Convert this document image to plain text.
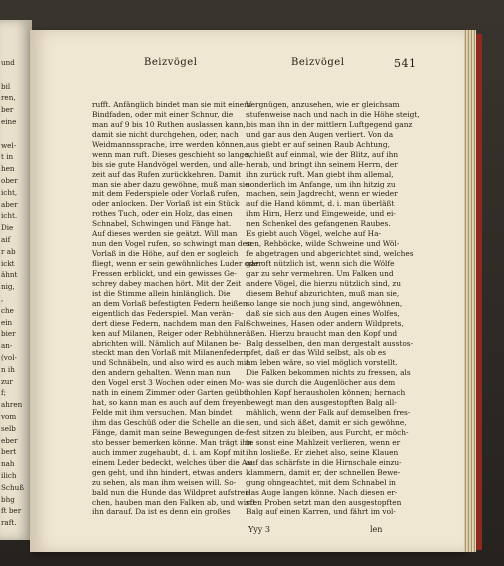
und
bil
ren,
ber
eine
wel-
t in
hen
ober
icht,
aber
icht.
Die
aif
r ab
ickt
ähnt
nig,
,
che
ein
bier
an-
(vol-
n ih
zur
f;
ahren
vom
selb
eber
bert
nah
ilich
Schuß
bhg
ft ber
raft.
Beizvögel	Beizvögel	541
rufft. Anfänglich bindet man sie mit einem
Bindfaden, oder mit einer Schnur, die
man auf 9 bis 10 Ruthen auslassen kann,
damit sie nicht durchgehen, oder, nach
Weidmannssprache, irre werden können,
wenn man ruft. Dieses geschieht so lange,
bis sie gute Handvögel werden, und alle-
zeit auf das Rufen zurückkehren. Damit
man sie aber dazu gewöhne, muß man sie
mit dem Federspiele oder Vorlaß rufen,
oder anlocken. Der Vorlaß ist ein Stück
rothes Tuch, oder ein Holz, das einen
Schnabel, Schwingen und Fänge hat.
Auf dieses werden sie geätzt. Will man
nun den Vogel rufen, so schwingt man den
Vorlaß in die Höhe, auf den er sogleich
fliegt, wenn er sein gewöhnliches Luder oder
Fressen erblickt, und ein gewisses Ge-
schrey dabey machen hört. Mit der Zeit
ist die Stimme allein hinlänglich. Die
an dem Vorlaß befestigten Federn heißen
eigentlich das Federspiel. Man verän-
dert diese Federn, nachdem man den Fal-
ken auf Milanen, Reiger oder Rebhühner
abrichten will. Nämlich auf Milanen be-
steckt man den Vorlaß mit Milanenfedern
und Schnäbeln, und also wird es auch mit
den andern gehalten. Wenn man nun
den Vogel erst 3 Wochen oder einen Mo-
nath in einem Zimmer oder Garten geübt
hat, so kann man es auch auf dem freyen
Felde mit ihm versuchen. Man bindet
ihm das Geschüß oder die Schelle an die
Fänge, damit man seine Bewegungen de-
sto besser bemerken könne. Man trägt ihn
auch immer zugehaubt, d. i. am Kopf mit
einem Leder bedeckt, welches über die Au-
gen geht, und ihn hindert, etwas anders
zu sehen, als man ihm weisen will. So-
bald nun die Hunde das Wildpret aufstrei-
chen, hauben man den Falken ab, und wirft
ihn darauf. Da ist es denn ein großes
Vergnügen, anzusehen, wie er gleichsam
stufenweise nach und nach in die Höhe steigt,
bis man ihn in der mittlern Luftgegend ganz
und gar aus den Augen verliert. Von da
aus giebt er auf seinen Raub Achtung,
schießt auf einmal, wie der Blitz, auf ihn
herab, und bringt ihn seinem Herrn, der
ihn zurück ruft. Man giebt ihm allemal,
sonderlich im Anfange, um ihn hitzig zu
machen, sein Jagdrecht, wenn er wieder
auf die Hand kömmt, d. i. man überläßt
ihm Hirn, Herz und Eingeweide, und ei-
nen Schenkel des gefangenen Raubes.
Es giebt auch Vögel, welche auf Ha-
sen, Rehböcke, wilde Schweine und Wöl-
fe abgetragen und abgerichtet sind, welches
gar oft nützlich ist, wenn sich die Wölfe
gar zu sehr vermehren. Um Falken und
andere Vögel, die hierzu nützlich sind, zu
diesem Behuf abzurichten, muß man sie,
so lange sie noch jung sind, angewöhnen,
daß sie sich aus den Augen eines Wolfes,
Schweines, Hasen oder andern Wildprets,
äßen. Hierzu braucht man den Kopf und
Balg desselben, den man dergestalt ausstos-
pfet, daß er das Wild selbst, als ob es
am leben wäre, so viel möglich vorstellt.
Die Falken bekommen nichts zu fressen, als
was sie durch die Augenlöcher aus dem
hohlen Kopf herausholen können; hernach
bewegt man den ausgestopften Balg all-
mählich, wenn der Falk auf demselben fres-
sen, und sich äßet, damit er sich gewöhne,
fest sitzen zu bleiben, aus Furcht, er möch-
te sonst eine Mahlzeit verlieren, wenn er
ihn losließe. Er ziehet also, seine Klauen
auf das schärfste in die Hirnschale einzu-
klammern, damit er, der schnellen Bewe-
gung ohngeachtet, mit dem Schnabel in
das Auge langen könne. Nach diesen er-
sten Proben setzt man den ausgestopften
Balg auf einen Karren, und fährt im vol-
Yyy 3	len
